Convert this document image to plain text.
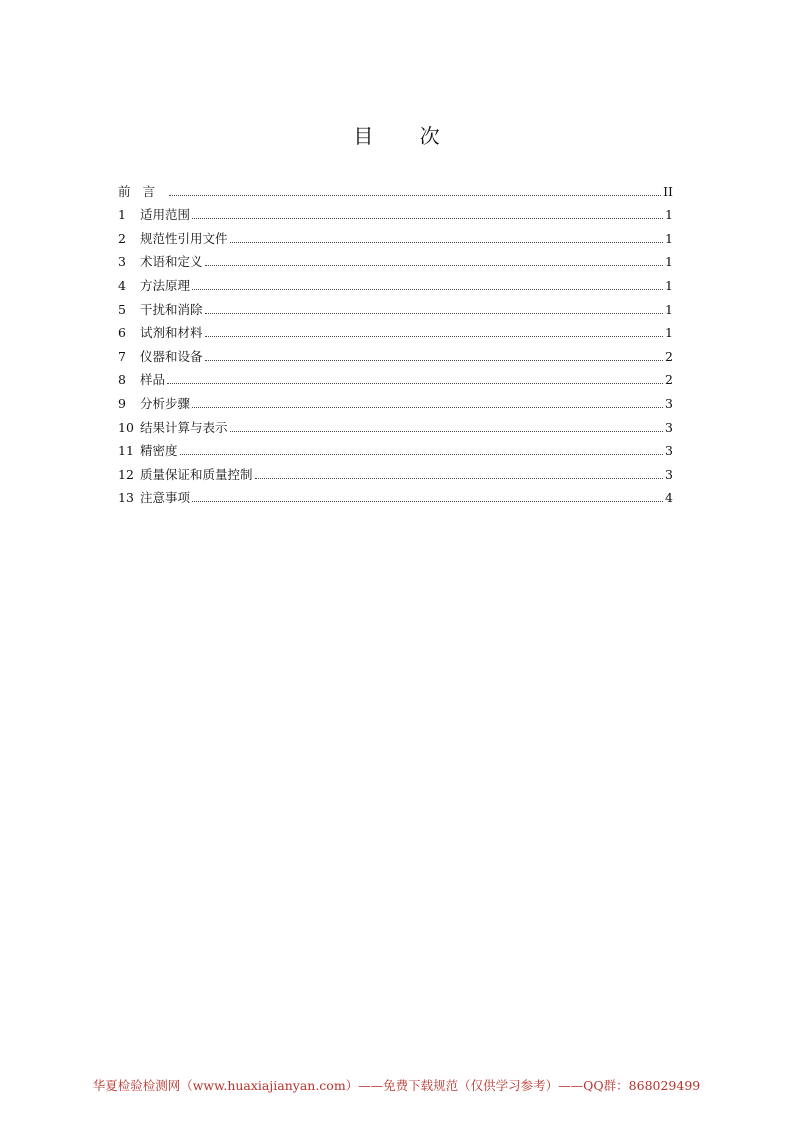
目 次
前言	II
1	适用范围	1
2	规范性引用文件	1
3	术语和定义	1
4	方法原理	1
5	干扰和消除	1
6	试剂和材料	1
7	仪器和设备	2
8	样品	2
9	分析步骤	3
10 结果计算与表示	3
11 精密度	3
12 质量保证和质量控制	3
13 注意事项	4
华夏检验检测网（www.huaxiajianyan.com）——免费下载规范（仅供学习参考）——QQ群：868029499
